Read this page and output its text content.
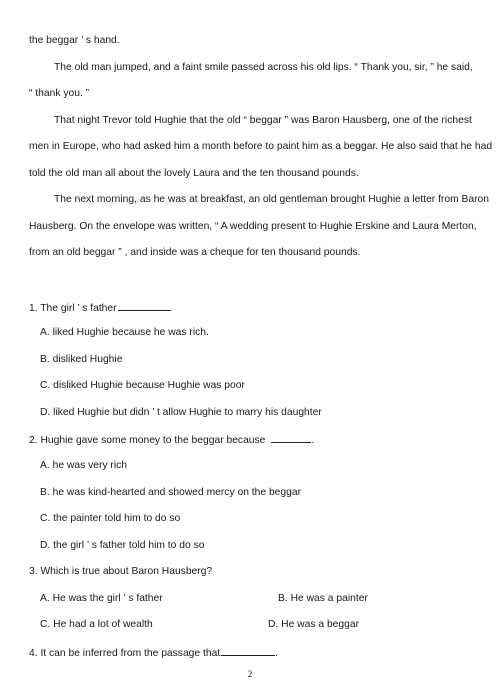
the beggar ’ s hand.
The old man jumped, and a faint smile passed across his old lips. “ Thank you, sir, ” he said,
“ thank you. ”
That night Trevor told Hughie that the old “ beggar ” was Baron Hausberg, one of the richest
men in Europe, who had asked him a month before to paint him as a beggar. He also said that he had
told the old man all about the lovely Laura and the ten thousand pounds.
The next morning, as he was at breakfast, an old gentleman brought Hughie a letter from Baron
Hausberg. On the envelope was written, “ A wedding present to Hughie Erskine and Laura Merton,
from an old beggar ” , and inside was a cheque for ten thousand pounds.
1. The girl ’ s father	.
A. liked Hughie because he was rich.
B. disliked Hughie
C. disliked Hughie because Hughie was poor
D. liked Hughie but didn ’ t allow Hughie to marry his daughter
2. Hughie gave some money to the beggar because	.
A. he was very rich
B. he was kind-hearted and showed mercy on the beggar
C. the painter told him to do so
D. the girl ’ s father told him to do so
3. Which is true about Baron Hausberg?
A. He was the girl ’ s father	B. He was a painter
C. He had a lot of wealth	D. He was a beggar
4. It can be inferred from the passage that	.
2
